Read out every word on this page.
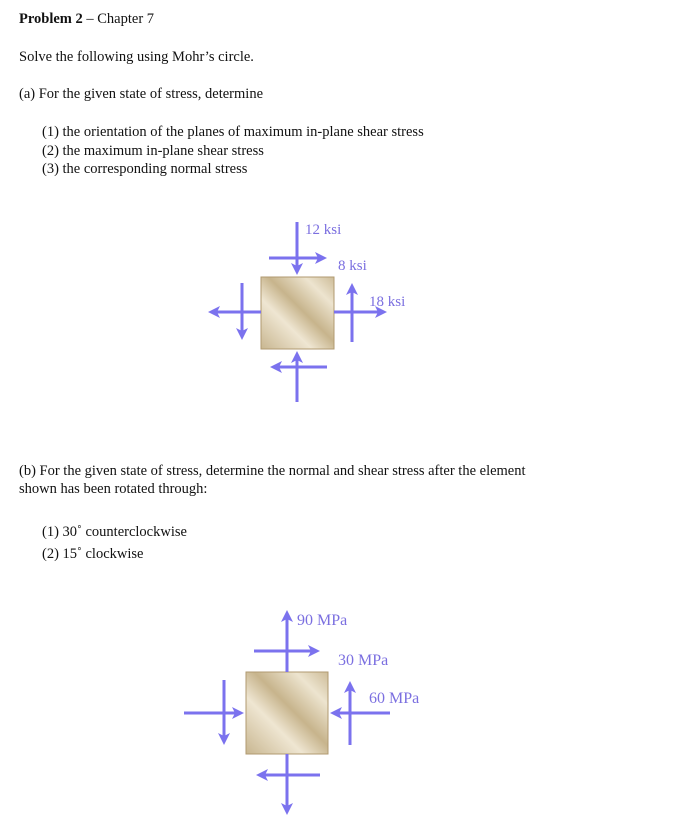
Problem 2 – Chapter 7
Solve the following using Mohr’s circle.
(a) For the given state of stress, determine
(1) the orientation of the planes of maximum in-plane shear stress
(2) the maximum in-plane shear stress
(3) the corresponding normal stress
(b) For the given state of stress, determine the normal and shear stress after the element
shown has been rotated through:
(1) 30˚ counterclockwise
(2) 15˚ clockwise
12 ksi
8 ksi
18 ksi
90 MPa
30 MPa
60 MPa
